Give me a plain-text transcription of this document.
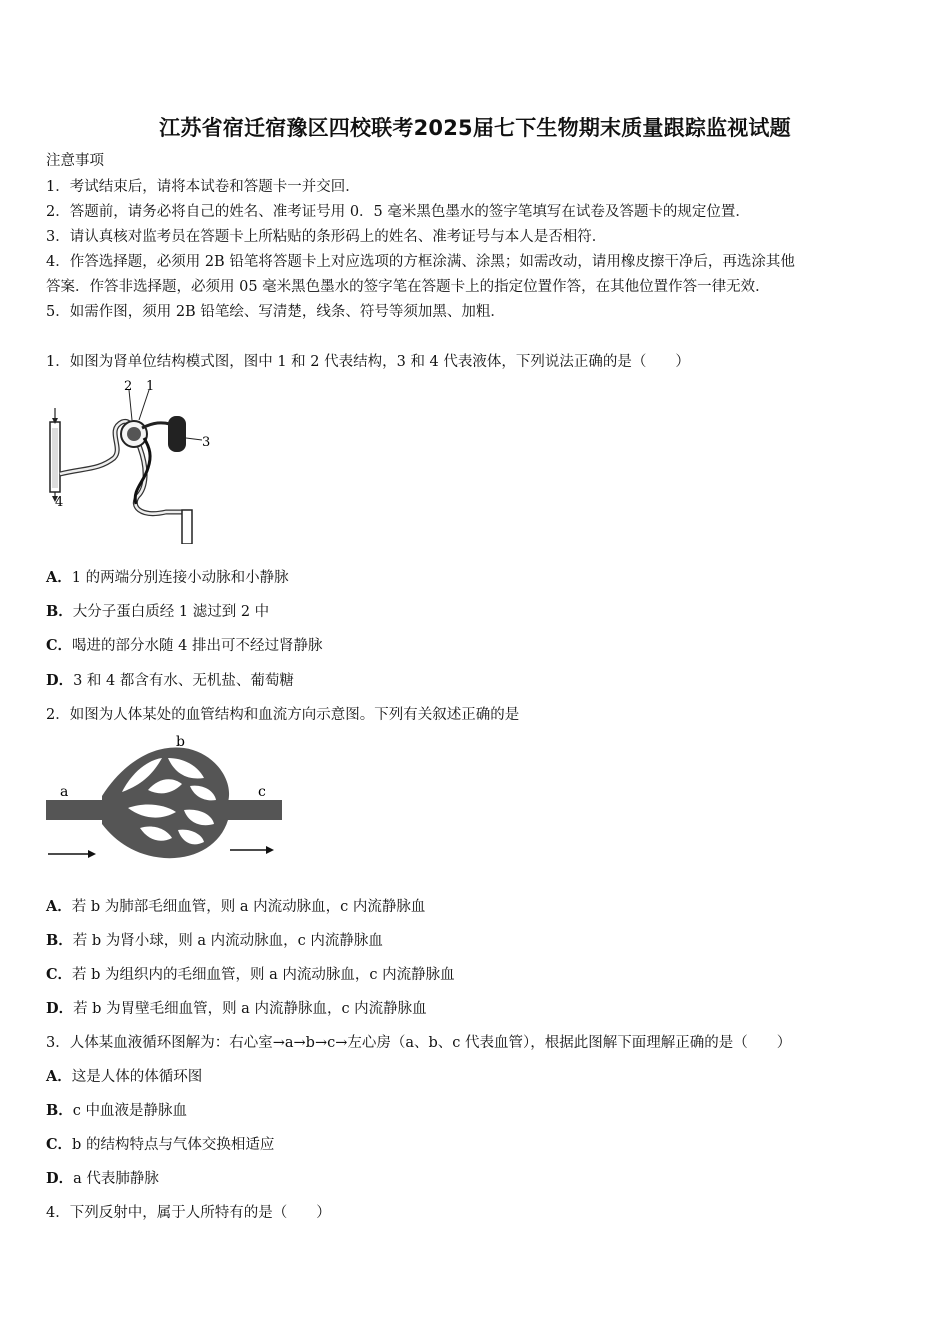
江苏省宿迁宿豫区四校联考2025届七下生物期末质量跟踪监视试题
注意事项
1．考试结束后，请将本试卷和答题卡一并交回．
2．答题前，请务必将自己的姓名、准考证号用 0．5 毫米黑色墨水的签字笔填写在试卷及答题卡的规定位置．
3．请认真核对监考员在答题卡上所粘贴的条形码上的姓名、准考证号与本人是否相符．
4．作答选择题，必须用 2B 铅笔将答题卡上对应选项的方框涂满、涂黑；如需改动，请用橡皮擦干净后，再选涂其他
答案．作答非选择题，必须用 05 毫米黑色墨水的签字笔在答题卡上的指定位置作答，在其他位置作答一律无效．
5．如需作图，须用 2B 铅笔绘、写清楚，线条、符号等须加黑、加粗．
1．如图为肾单位结构模式图，图中 1 和 2 代表结构，3 和 4 代表液体，下列说法正确的是（　　）
2 1
3
4
A．1 的两端分别连接小动脉和小静脉
B．大分子蛋白质经 1 滤过到 2 中
C．喝进的部分水随 4 排出可不经过肾静脉
D．3 和 4 都含有水、无机盐、葡萄糖
2．如图为人体某处的血管结构和血流方向示意图。下列有关叙述正确的是
a
b
c
A．若 b 为肺部毛细血管，则 a 内流动脉血，c 内流静脉血
B．若 b 为肾小球，则 a 内流动脉血，c 内流静脉血
C．若 b 为组织内的毛细血管，则 a 内流动脉血，c 内流静脉血
D．若 b 为胃壁毛细血管，则 a 内流静脉血，c 内流静脉血
3．人体某血液循环图解为：右心室→a→b→c→左心房（a、b、c 代表血管），根据此图解下面理解正确的是（　　）
A．这是人体的体循环图
B．c 中血液是静脉血
C．b 的结构特点与气体交换相适应
D．a 代表肺静脉
4．下列反射中，属于人所特有的是（　　）
